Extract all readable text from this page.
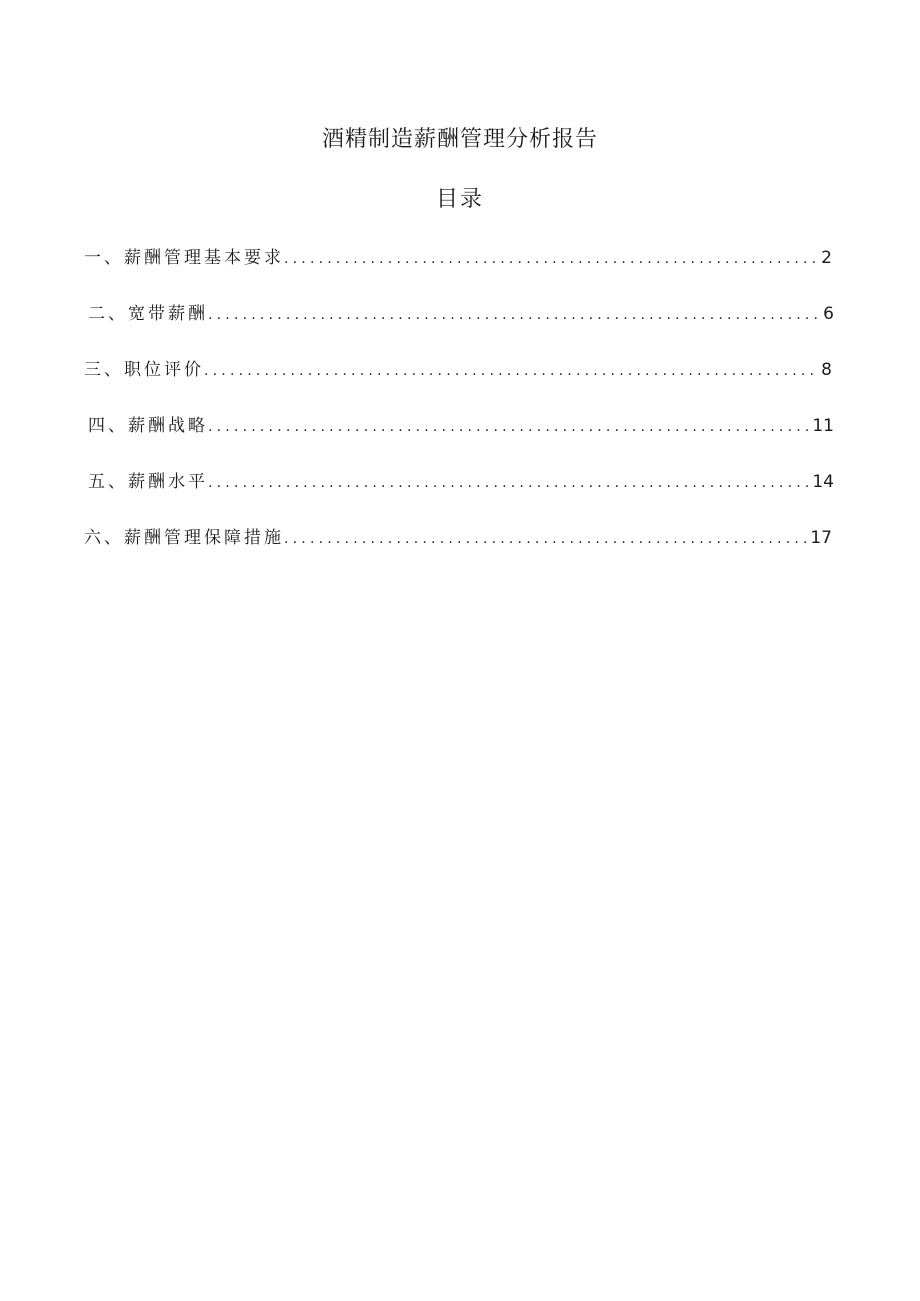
酒精制造薪酬管理分析报告
目录
一、薪酬管理基本要求 .....	2
二、宽带薪酬 .....	6
三、职位评价 .....	8
四、薪酬战略 .....	11
五、薪酬水平 .....	14
六、薪酬管理保障措施 .....	17
